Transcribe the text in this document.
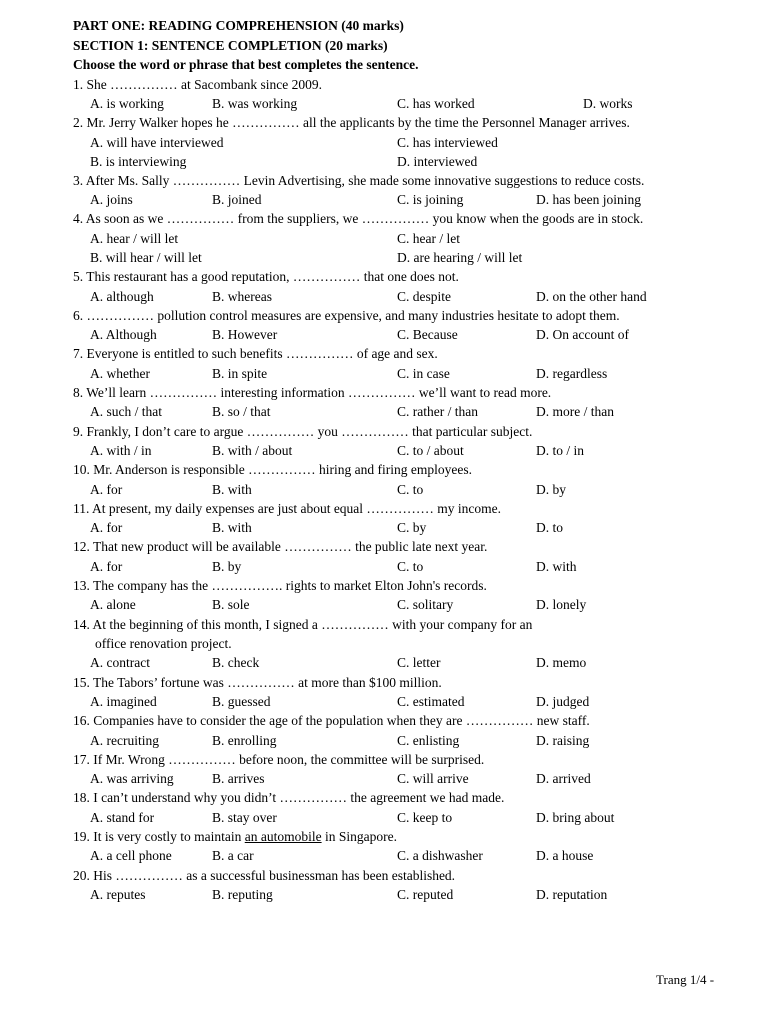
PART ONE: READING COMPREHENSION (40 marks)
SECTION 1: SENTENCE COMPLETION (20 marks)
Choose the word or phrase that best completes the sentence.
1. She …………… at Sacombank since 2009.
A. is working	B. was working	C. has worked	D. works
2. Mr. Jerry Walker hopes he …………… all the applicants by the time the Personnel Manager arrives.
A. will have interviewed	C. has interviewed
B. is interviewing	D. interviewed
3. After Ms. Sally …………… Levin Advertising, she made some innovative suggestions to reduce costs.
A. joins	B. joined	C. is joining	D. has been joining
4. As soon as we …………… from the suppliers, we …………… you know when the goods are in stock.
A. hear / will let	C. hear / let
B. will hear / will let	D. are hearing / will let
5. This restaurant has a good reputation, …………… that one does not.
A. although	B. whereas	C. despite	D. on the other hand
6. …………… pollution control measures are expensive, and many industries hesitate to adopt them.
A. Although	B. However	C. Because	D. On account of
7. Everyone is entitled to such benefits …………… of age and sex.
A. whether	B. in spite	C. in case	D. regardless
8. We’ll learn …………… interesting information …………… we’ll want to read more.
A. such / that	B. so / that	C. rather / than	D. more / than
9. Frankly, I don’t care to argue …………… you …………… that particular subject.
A. with / in	B. with / about	C. to / about	D. to / in
10. Mr. Anderson is responsible …………… hiring and firing employees.
A. for	B. with	C. to	D. by
11. At present, my daily expenses are just about equal …………… my income.
A. for	B. with	C. by	D. to
12. That new product will be available …………… the public late next year.
A. for	B. by	C. to	D. with
13. The company has the ……………. rights to market Elton John's records.
A. alone	B. sole	C. solitary	D. lonely
14. At the beginning of this month, I signed a …………… with your company for an
office renovation project.
A. contract	B. check	C. letter	D. memo
15. The Tabors’ fortune was …………… at more than $100 million.
A. imagined	B. guessed	C. estimated	D. judged
16. Companies have to consider the age of the population when they are …………… new staff.
A. recruiting	B. enrolling	C. enlisting	D. raising
17. If Mr. Wrong …………… before noon, the committee will be surprised.
A. was arriving	B. arrives	C. will arrive	D. arrived
18. I can’t understand why you didn’t …………… the agreement we had made.
A. stand for	B. stay over	C. keep to	D. bring about
19. It is very costly to maintain an automobile in Singapore.
A. a cell phone	B. a car	C. a dishwasher	D. a house
20. His …………… as a successful businessman has been established.
A. reputes	B. reputing	C. reputed	D. reputation
Trang 1/4 -
